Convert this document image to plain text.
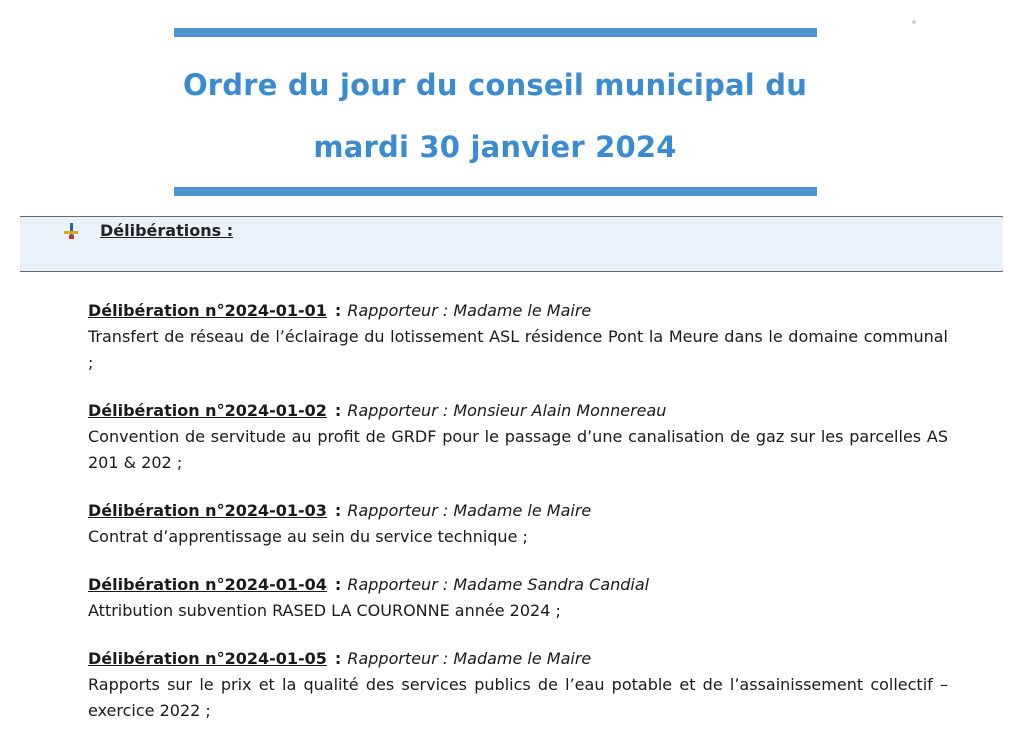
Ordre du jour du conseil municipal du
mardi 30 janvier 2024
Délibérations :
Délibération n°2024-01-01 : Rapporteur : Madame le Maire
Transfert de réseau de l’éclairage du lotissement ASL résidence Pont la Meure dans le domaine communal ;
Délibération n°2024-01-02 : Rapporteur : Monsieur Alain Monnereau
Convention de servitude au profit de GRDF pour le passage d’une canalisation de gaz sur les parcelles AS 201 & 202 ;
Délibération n°2024-01-03 : Rapporteur : Madame le Maire
Contrat d’apprentissage au sein du service technique ;
Délibération n°2024-01-04 : Rapporteur : Madame Sandra Candial
Attribution subvention RASED LA COURONNE année 2024 ;
Délibération n°2024-01-05 : Rapporteur : Madame le Maire
Rapports sur le prix et la qualité des services publics de l’eau potable et de l’assainissement collectif – exercice 2022 ;
